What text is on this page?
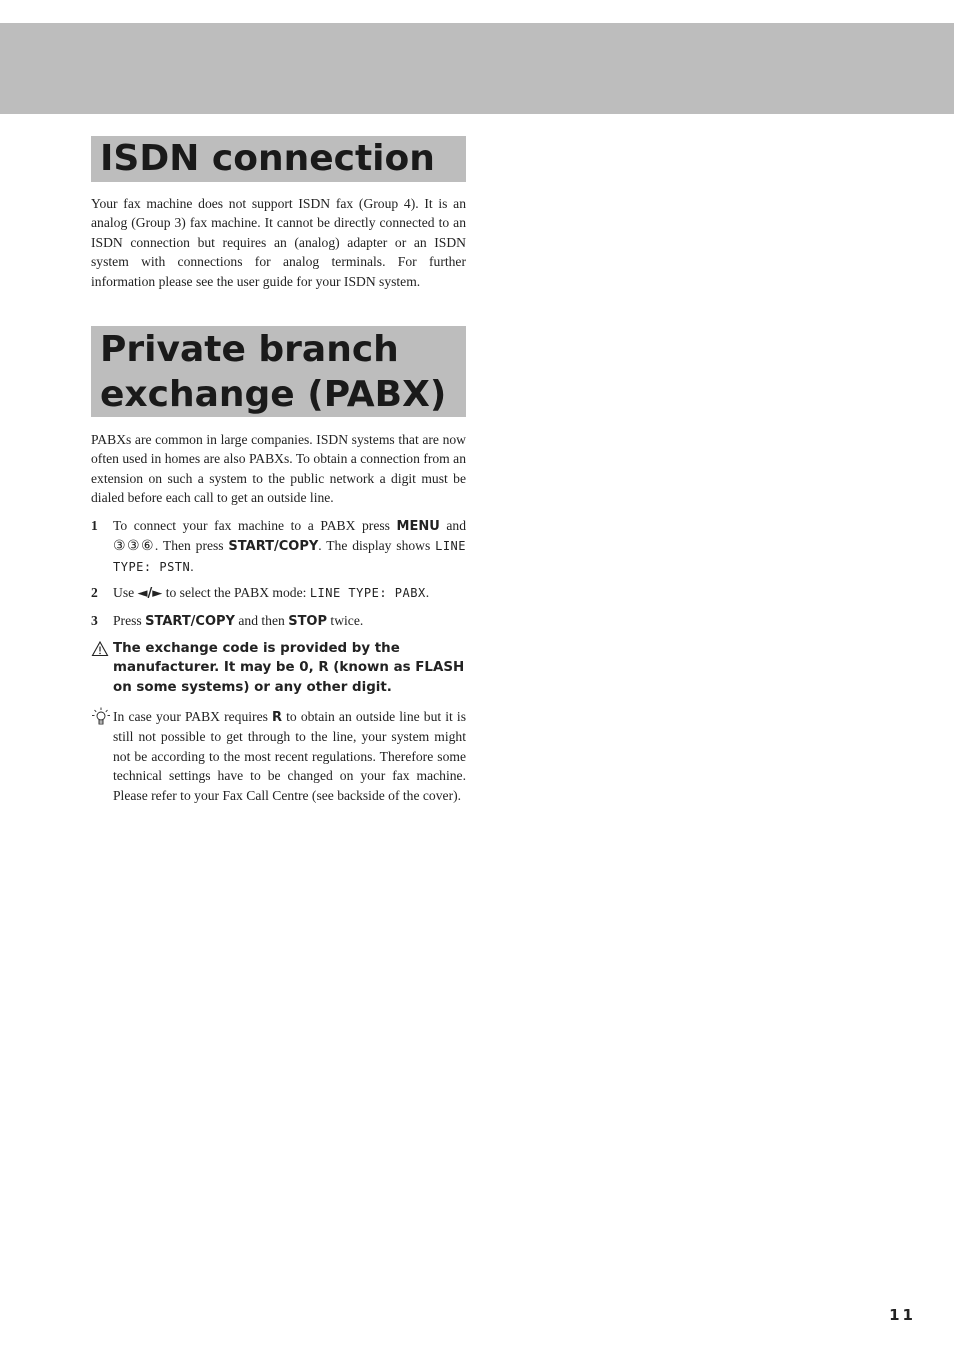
ISDN connection

Your fax machine does not support ISDN fax (Group 4). It is an analog (Group 3) fax machine. It cannot be directly connected to an ISDN connection but requires an (analog) adapter or an ISDN system with connections for analog terminals. For further information please see the user guide for your ISDN system.

Private branch
exchange (PABX)

PABXs are common in large companies. ISDN systems that are now often used in homes are also PABXs. To obtain a connection from an extension on such a system to the public network a digit must be dialed before each call to get an outside line.

1	To connect your fax machine to a PABX press MENU and ③③⑥. Then press START/COPY. The display shows LINE TYPE: PSTN.
2	Use ◄/► to select the PABX mode: LINE TYPE: PABX.
3	Press START/COPY and then STOP twice.
The exchange code is provided by the manufacturer. It may be 0, R (known as FLASH on some systems) or any other digit.
In case your PABX requires R to obtain an outside line but it is still not possible to get through to the line, your system might not be according to the most recent regulations. Therefore some technical settings have to be changed on your fax machine. Please refer to your Fax Call Centre (see backside of the cover).
11
